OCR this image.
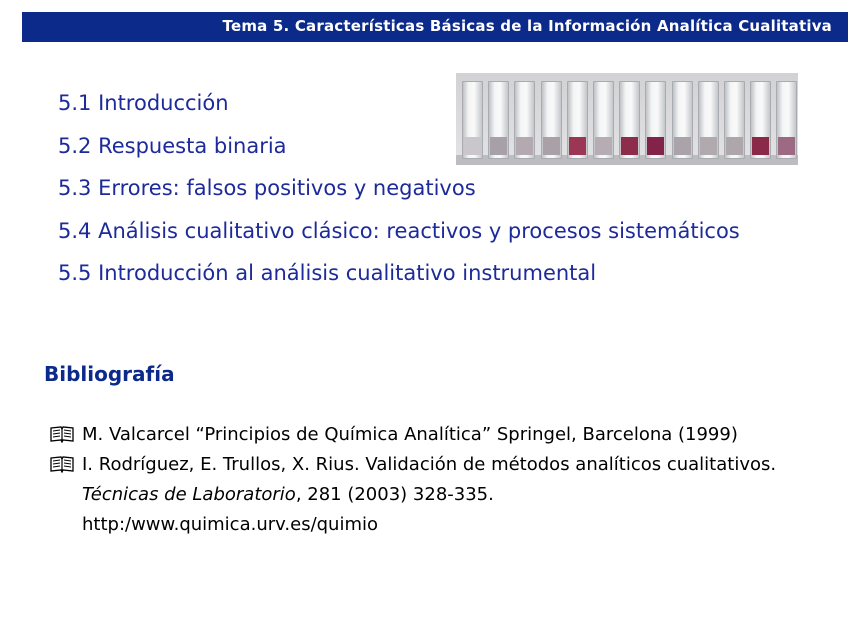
Tema 5. Características Básicas de la Información Analítica Cualitativa
5.1 Introducción
5.2 Respuesta binaria
5.3 Errores: falsos positivos y negativos
5.4 Análisis cualitativo clásico: reactivos y procesos sistemáticos
5.5 Introducción al análisis cualitativo instrumental
Bibliografía
M. Valcarcel “Principios de Química Analítica” Springel, Barcelona (1999)
I. Rodríguez, E. Trullos, X. Rius. Validación de métodos analíticos cualitativos. Técnicas de Laboratorio, 281 (2003) 328-335.
http:/www.quimica.urv.es/quimio
